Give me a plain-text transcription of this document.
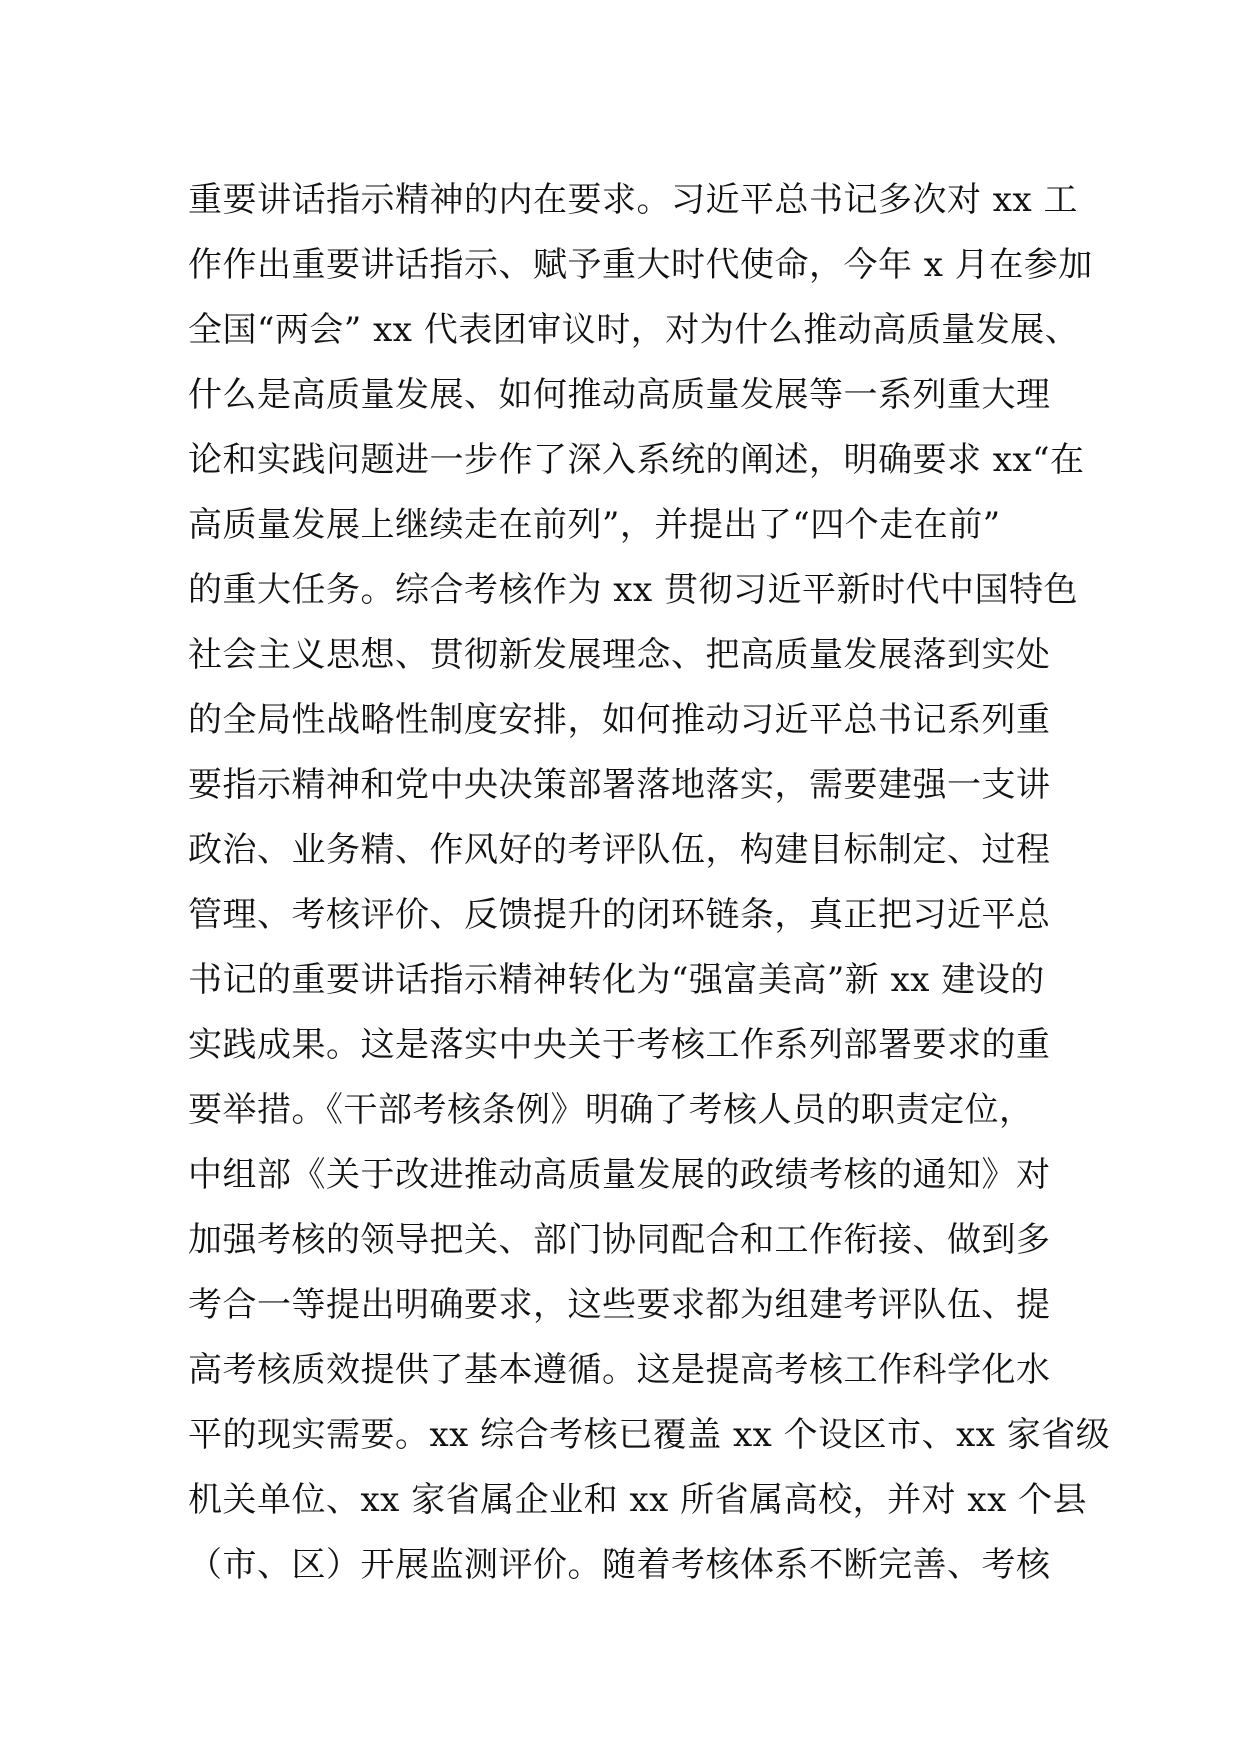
重要讲话指示精神的内在要求。习近平总书记多次对 xx 工
作作出重要讲话指示、赋予重大时代使命，今年 x 月在参加
全国“两会” xx 代表团审议时，对为什么推动高质量发展、
什么是高质量发展、如何推动高质量发展等一系列重大理
论和实践问题进一步作了深入系统的阐述，明确要求 xx“在
高质量发展上继续走在前列”，并提出了“四个走在前”
的重大任务。综合考核作为 xx 贯彻习近平新时代中国特色
社会主义思想、贯彻新发展理念、把高质量发展落到实处
的全局性战略性制度安排，如何推动习近平总书记系列重
要指示精神和党中央决策部署落地落实，需要建强一支讲
政治、业务精、作风好的考评队伍，构建目标制定、过程
管理、考核评价、反馈提升的闭环链条，真正把习近平总
书记的重要讲话指示精神转化为“强富美高”新 xx 建设的
实践成果。这是落实中央关于考核工作系列部署要求的重
要举措。《干部考核条例》明确了考核人员的职责定位，
中组部《关于改进推动高质量发展的政绩考核的通知》对
加强考核的领导把关、部门协同配合和工作衔接、做到多
考合一等提出明确要求，这些要求都为组建考评队伍、提
高考核质效提供了基本遵循。这是提高考核工作科学化水
平的现实需要。xx 综合考核已覆盖 xx 个设区市、xx 家省级
机关单位、xx 家省属企业和 xx 所省属高校，并对 xx 个县
（市、区）开展监测评价。随着考核体系不断完善、考核
